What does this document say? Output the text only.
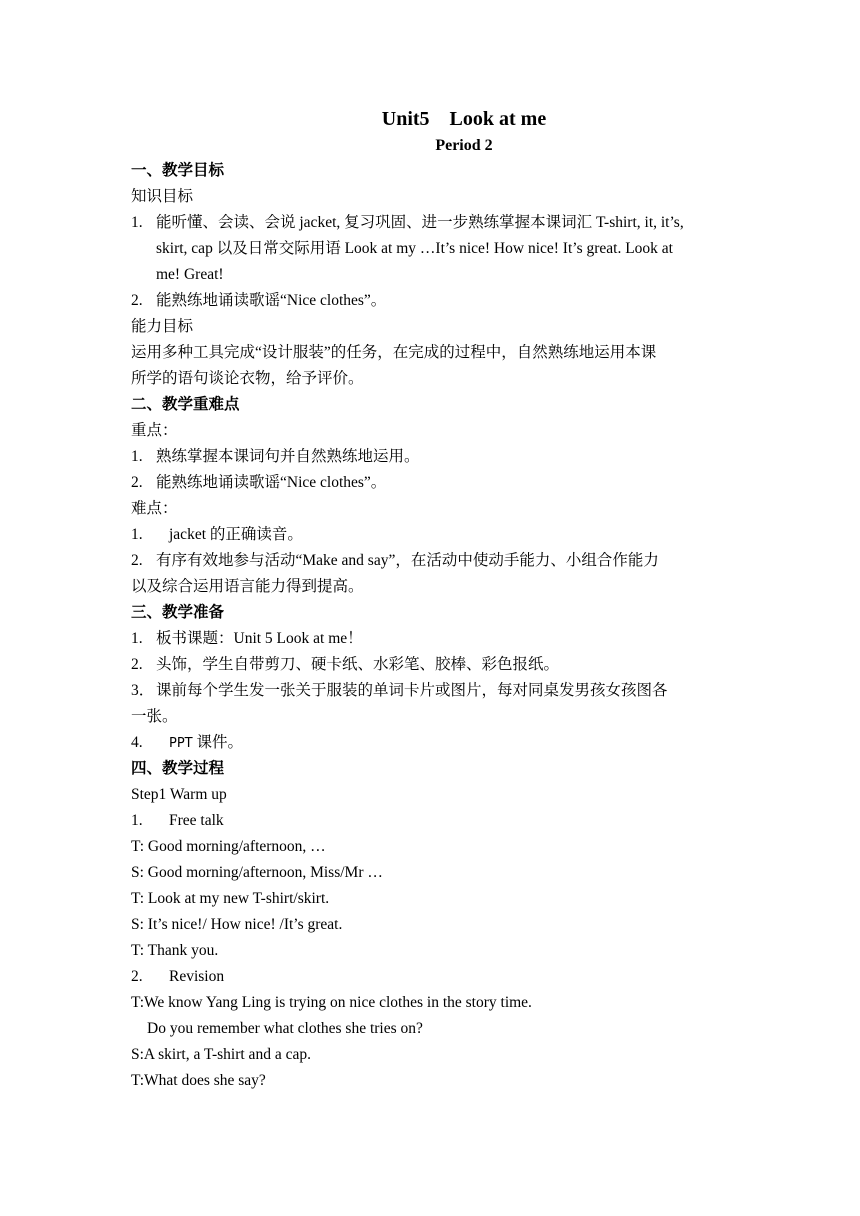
Unit5　Look at me
Period 2
一、教学目标
知识目标
1. 能听懂、会读、会说 jacket, 复习巩固、进一步熟练掌握本课词汇 T-shirt, it, it’s,
skirt, cap 以及日常交际用语 Look at my …It’s nice! How nice! It’s great. Look at
me! Great!
2. 能熟练地诵读歌谣“Nice clothes”。
能力目标
运用多种工具完成“设计服装”的任务，在完成的过程中，自然熟练地运用本课
所学的语句谈论衣物，给予评价。
二、教学重难点
重点：
1. 熟练掌握本课词句并自然熟练地运用。
2. 能熟练地诵读歌谣“Nice clothes”。
难点：
1. jacket 的正确读音。
2. 有序有效地参与活动“Make and say”，在活动中使动手能力、小组合作能力
以及综合运用语言能力得到提高。
三、教学准备
1. 板书课题：Unit 5 Look at me！
2. 头饰，学生自带剪刀、硬卡纸、水彩笔、胶棒、彩色报纸。
3． 课前每个学生发一张关于服装的单词卡片或图片，每对同桌发男孩女孩图各
一张。
4. PPT 课件。
四、教学过程
Step1 Warm up
1. Free talk
T: Good morning/afternoon, …
S: Good morning/afternoon, Miss/Mr …
T: Look at my new T-shirt/skirt.
S: It’s nice!/ How nice! /It’s great.
T: Thank you.
2. Revision
T:We know Yang Ling is trying on nice clothes in the story time.
Do you remember what clothes she tries on?
S:A skirt, a T-shirt and a cap.
T:What does she say?
